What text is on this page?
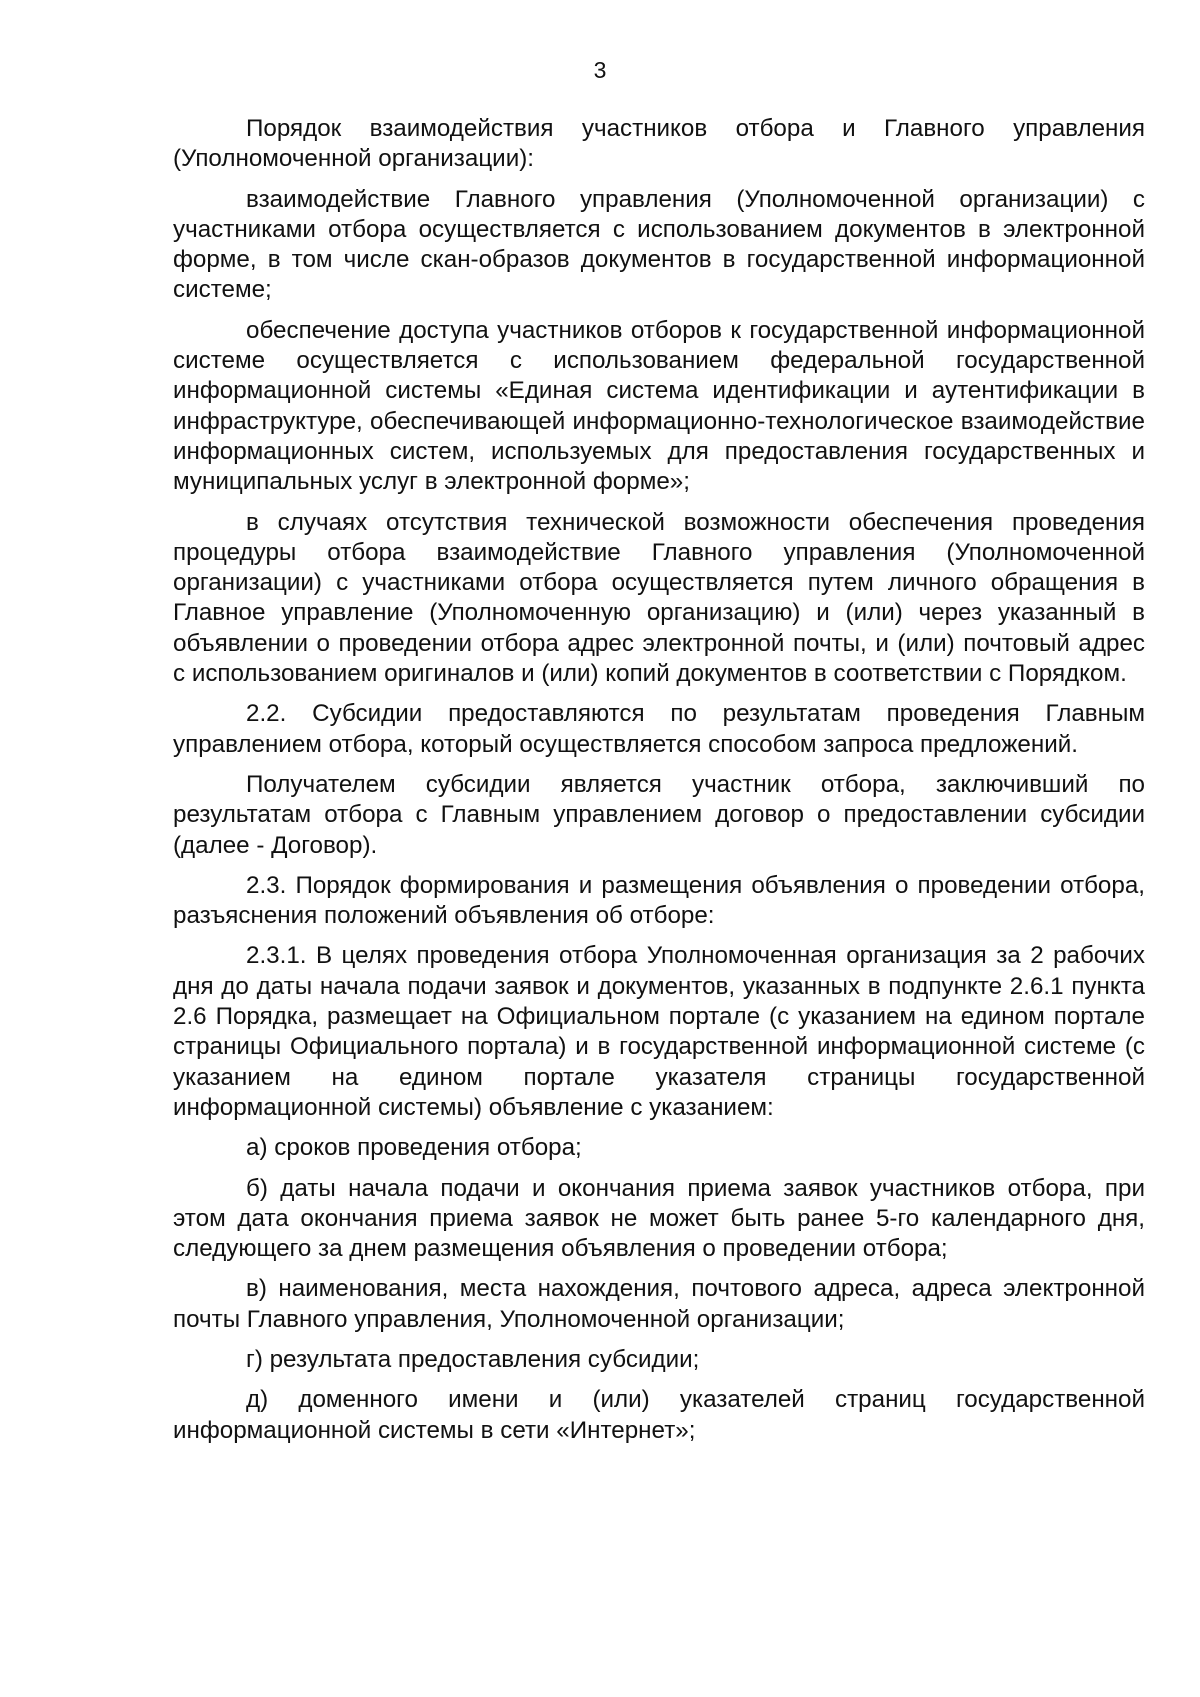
3

Порядок взаимодействия участников отбора и Главного управления (Уполномоченной организации):

взаимодействие Главного управления (Уполномоченной организации) с участниками отбора осуществляется с использованием документов в электронной форме, в том числе скан-образов документов в государственной информационной системе;

обеспечение доступа участников отборов к государственной информационной системе осуществляется с использованием федеральной государственной информационной системы «Единая система идентификации и аутентификации в инфраструктуре, обеспечивающей информационно-технологическое взаимодействие информационных систем, используемых для предоставления государственных и муниципальных услуг в электронной форме»;

в случаях отсутствия технической возможности обеспечения проведения процедуры отбора взаимодействие Главного управления (Уполномоченной организации) с участниками отбора осуществляется путем личного обращения в Главное управление (Уполномоченную организацию) и (или) через указанный в объявлении о проведении отбора адрес электронной почты, и (или) почтовый адрес с использованием оригиналов и (или) копий документов в соответствии с Порядком.

2.2. Субсидии предоставляются по результатам проведения Главным управлением отбора, который осуществляется способом запроса предложений.

Получателем субсидии является участник отбора, заключивший по результатам отбора с Главным управлением договор о предоставлении субсидии (далее - Договор).

2.3. Порядок формирования и размещения объявления о проведении отбора, разъяснения положений объявления об отборе:

2.3.1. В целях проведения отбора Уполномоченная организация за 2 рабочих дня до даты начала подачи заявок и документов, указанных в подпункте 2.6.1 пункта 2.6 Порядка, размещает на Официальном портале (с указанием на едином портале страницы Официального портала) и в государственной информационной системе (с указанием на едином портале указателя страницы государственной информационной системы) объявление с указанием:

а) сроков проведения отбора;

б) даты начала подачи и окончания приема заявок участников отбора, при этом дата окончания приема заявок не может быть ранее 5-го календарного дня, следующего за днем размещения объявления о проведении отбора;

в) наименования, места нахождения, почтового адреса, адреса электронной почты Главного управления, Уполномоченной организации;

г) результата предоставления субсидии;

д) доменного имени и (или) указателей страниц государственной информационной системы в сети «Интернет»;
